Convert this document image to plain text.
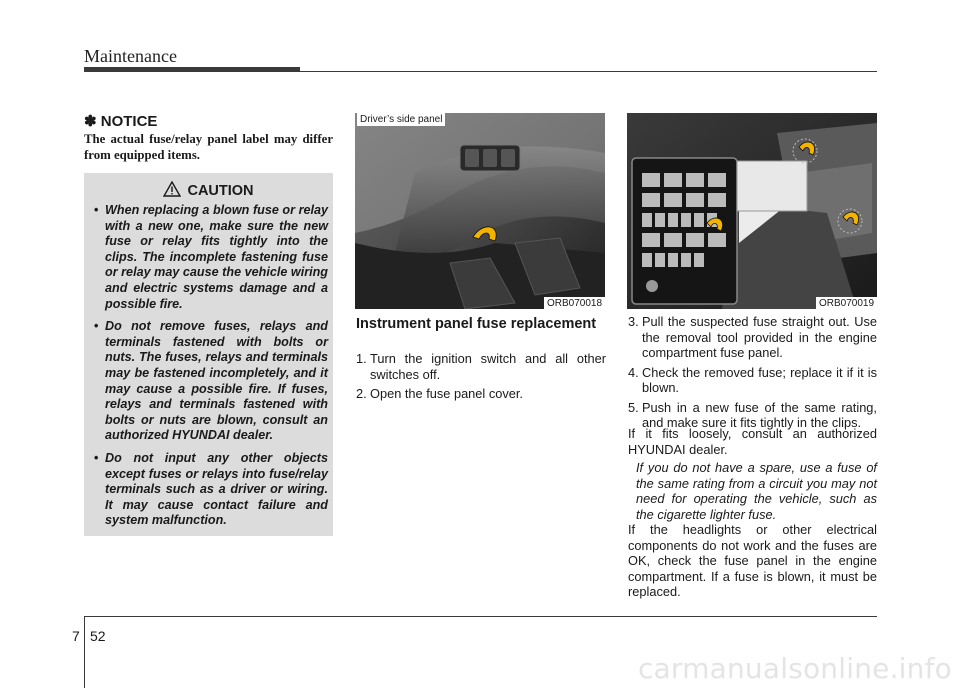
Maintenance
✽ NOTICE
The actual fuse/relay panel label may differ from equipped items.
CAUTION
• When replacing a blown fuse or relay with a new one, make sure the new fuse or relay fits tightly into the clips. The incomplete fastening fuse or relay may cause the vehicle wiring and electric systems damage and a possible fire.
• Do not remove fuses, relays and terminals fastened with bolts or nuts. The fuses, relays and terminals may be fastened incompletely, and it may cause a possible fire. If fuses, relays and terminals fastened with bolts or nuts are blown, consult an authorized HYUNDAI dealer.
• Do not input any other objects except fuses or relays into fuse/relay terminals such as a driver or wiring. It may cause contact failure and system malfunction.
Driver’s side panel
ORB070018	ORB070019
Instrument panel fuse replacement
1. Turn the ignition switch and all other switches off.
2. Open the fuse panel cover.
3. Pull the suspected fuse straight out. Use the removal tool provided in the engine compartment fuse panel.
4. Check the removed fuse; replace it if it is blown.
5. Push in a new fuse of the same rating, and make sure it fits tightly in the clips.
If it fits loosely, consult an authorized HYUNDAI dealer.
If you do not have a spare, use a fuse of the same rating from a circuit you may not need for operating the vehicle, such as the cigarette lighter fuse.
If the headlights or other electrical components do not work and the fuses are OK, check the fuse panel in the engine compartment. If a fuse is blown, it must be replaced.
7 52
carmanualsonline.info
